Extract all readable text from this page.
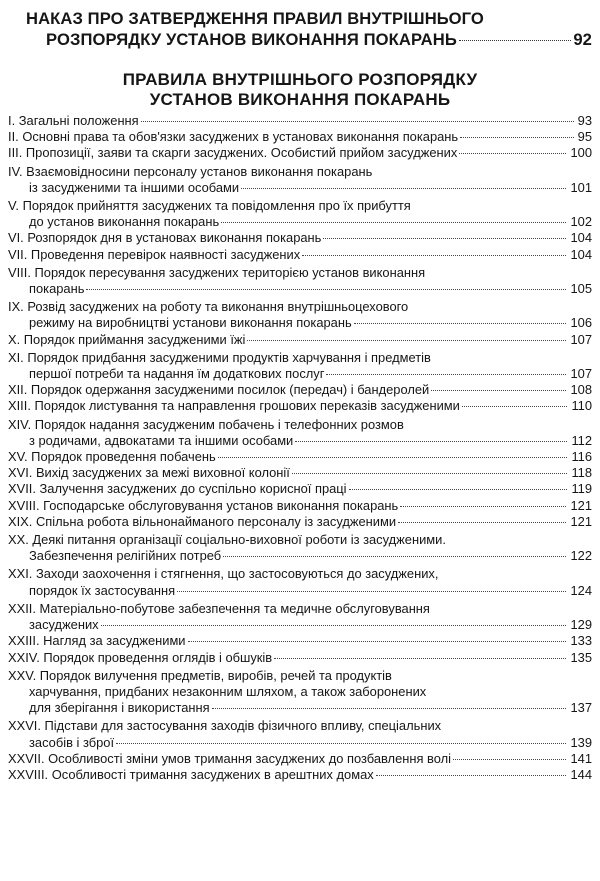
НАКАЗ ПРО ЗАТВЕРДЖЕННЯ ПРАВИЛ ВНУТРІШНЬОГО
РОЗПОРЯДКУ УСТАНОВ ВИКОНАННЯ ПОКАРАНЬ	92
ПРАВИЛА ВНУТРІШНЬОГО РОЗПОРЯДКУ
УСТАНОВ ВИКОНАННЯ ПОКАРАНЬ
I. Загальні положення	93
II. Основні права та обов'язки засуджених в установах виконання покарань	95
III. Пропозиції, заяви та скарги засуджених. Особистий прийом засуджених	100
IV. Взаємовідносини персоналу установ виконання покарань
із засудженими та іншими особами	101
V. Порядок прийняття засуджених та повідомлення про їх прибуття
до установ виконання покарань	102
VI. Розпорядок дня в установах виконання покарань	104
VII. Проведення перевірок наявності засуджених	104
VIII. Порядок пересування засуджених територією установ виконання
покарань	105
IX. Розвід засуджених на роботу та виконання внутрішньоцехового
режиму на виробництві установи виконання покарань	106
X. Порядок приймання засудженими їжі	107
XI. Порядок придбання засудженими продуктів харчування і предметів
першої потреби та надання їм додаткових послуг	107
XII. Порядок одержання засудженими посилок (передач) і бандеролей	108
XIII. Порядок листування та направлення грошових переказів засудженими	110
XIV. Порядок надання засудженим побачень і телефонних розмов
з родичами, адвокатами та іншими особами	112
XV. Порядок проведення побачень	116
XVI. Вихід засуджених за межі виховної колонії	118
XVII. Залучення засуджених до суспільно корисної праці	119
XVIII. Господарське обслуговування установ виконання покарань	121
XIX. Спільна робота вільнонайманого персоналу із засудженими	121
XX. Деякі питання організації соціально-виховної роботи із засудженими.
Забезпечення релігійних потреб	122
XXI. Заходи заохочення і стягнення, що застосовуються до засуджених,
порядок їх застосування	124
XXII. Матеріально-побутове забезпечення та медичне обслуговування
засуджених	129
XXIII. Нагляд за засудженими	133
XXIV. Порядок проведення оглядів і обшуків	135
XXV. Порядок вилучення предметів, виробів, речей та продуктів
харчування, придбаних незаконним шляхом, а також заборонених
для зберігання і використання	137
XXVI. Підстави для застосування заходів фізичного впливу, спеціальних
засобів і зброї	139
XXVII. Особливості зміни умов тримання засуджених до позбавлення волі	141
XXVIII. Особливості тримання засуджених в арештних домах	144
